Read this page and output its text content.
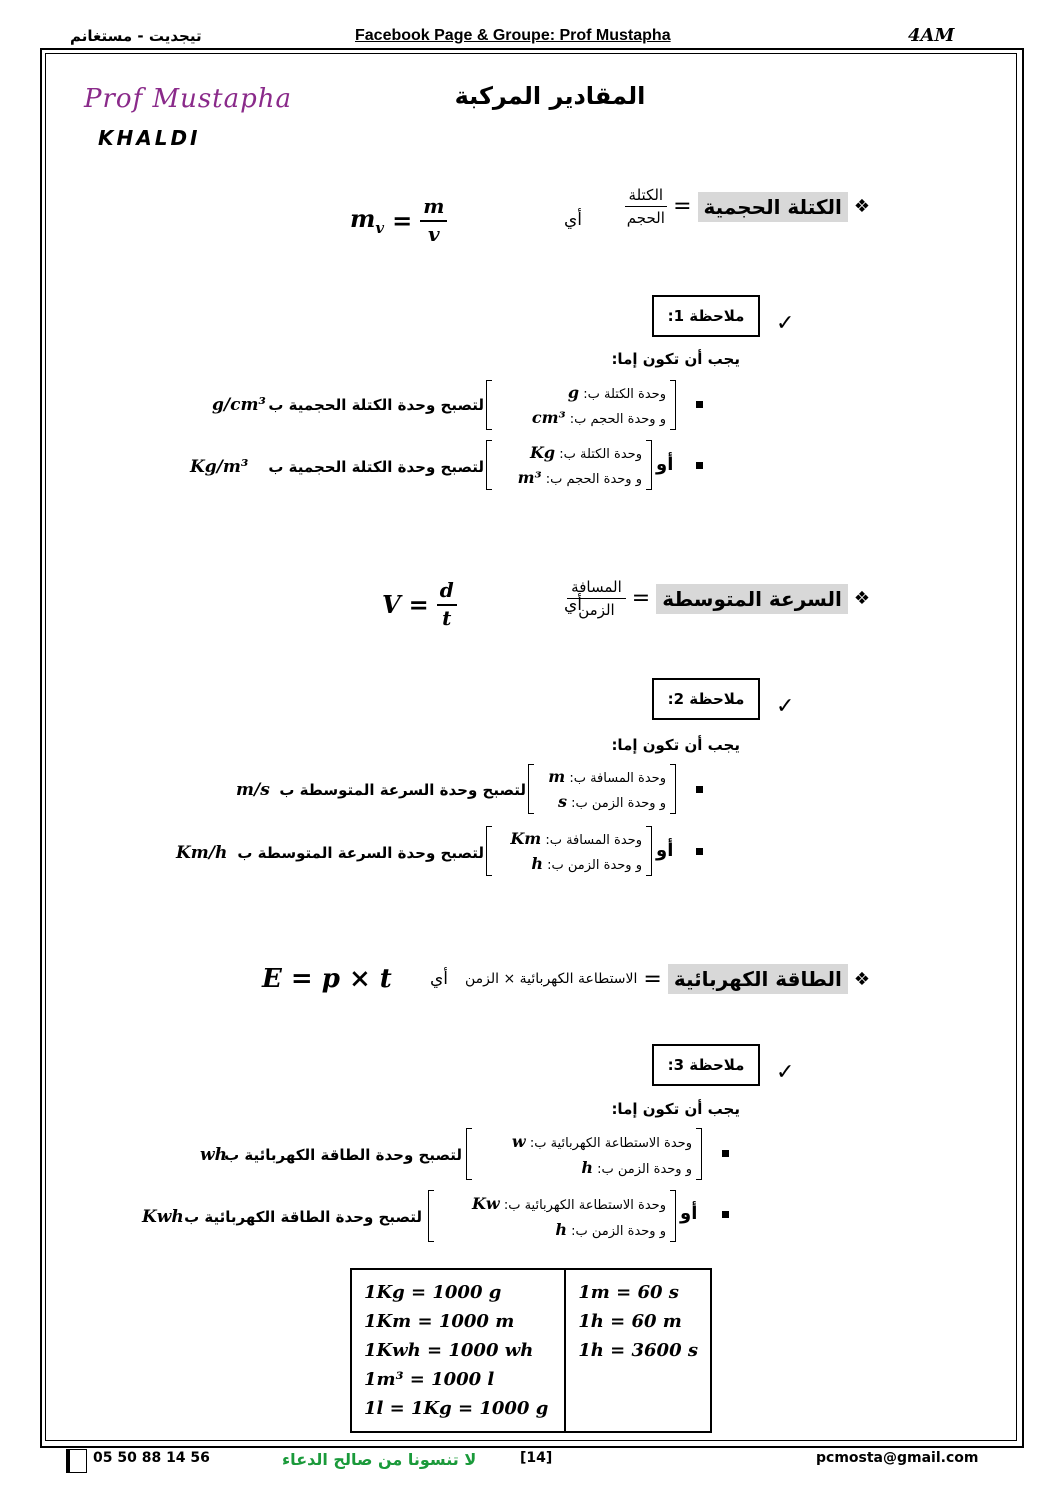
تيجديت - مستغانم	Facebook Page & Groupe: Prof Mustapha	4AM
Prof Mustapha
KHALDI
المقادير المركبة
❖
الكتلة الحجمية
=
$\frac{\text{الكتلة}}{\text{الحجم}}$
أي
$m_v = \frac{m}{v}$
ملاحظة 1:	✓
يجب أن تكون إما:
وحدة الكتلة ب: g
و وحدة الحجم ب: cm³
لتصبح وحدة الكتلة الحجمية ب
g/cm³
أو
وحدة الكتلة ب: Kg
و وحدة الحجم ب: m³
لتصبح وحدة الكتلة الحجمية ب
Kg/m³
❖
السرعة المتوسطة
=
$\frac{\text{المسافة}}{\text{الزمن}}$
أي
$V = \frac{d}{t}$
ملاحظة 2:	✓
يجب أن تكون إما:
وحدة المسافة ب: m
و وحدة الزمن ب: s
لتصبح وحدة السرعة المتوسطة ب
m/s
أو
وحدة المسافة ب: Km
و وحدة الزمن ب: h
لتصبح وحدة السرعة المتوسطة ب
Km/h
❖
الطاقة الكهربائية
=
الاستطاعة الكهربائية × الزمن
أي
E = p × t
ملاحظة 3:	✓
يجب أن تكون إما:
وحدة الاستطاعة الكهربائية ب: w
و وحدة الزمن ب: h
لتصبح وحدة الطاقة الكهربائية ب
wh
أو
وحدة الاستطاعة الكهربائية ب: Kw
و وحدة الزمن ب: h
لتصبح وحدة الطاقة الكهربائية ب
Kwh
1Kg = 1000 g
1Km = 1000 m
1Kwh = 1000 wh
1m³ = 1000 l
1l = 1Kg = 1000 g

1m = 60 s
1h = 60 m
1h = 3600 s
05 50 88 14 56	لا تنسونا من صالح الدعاء	[14]	pcmosta@gmail.com
